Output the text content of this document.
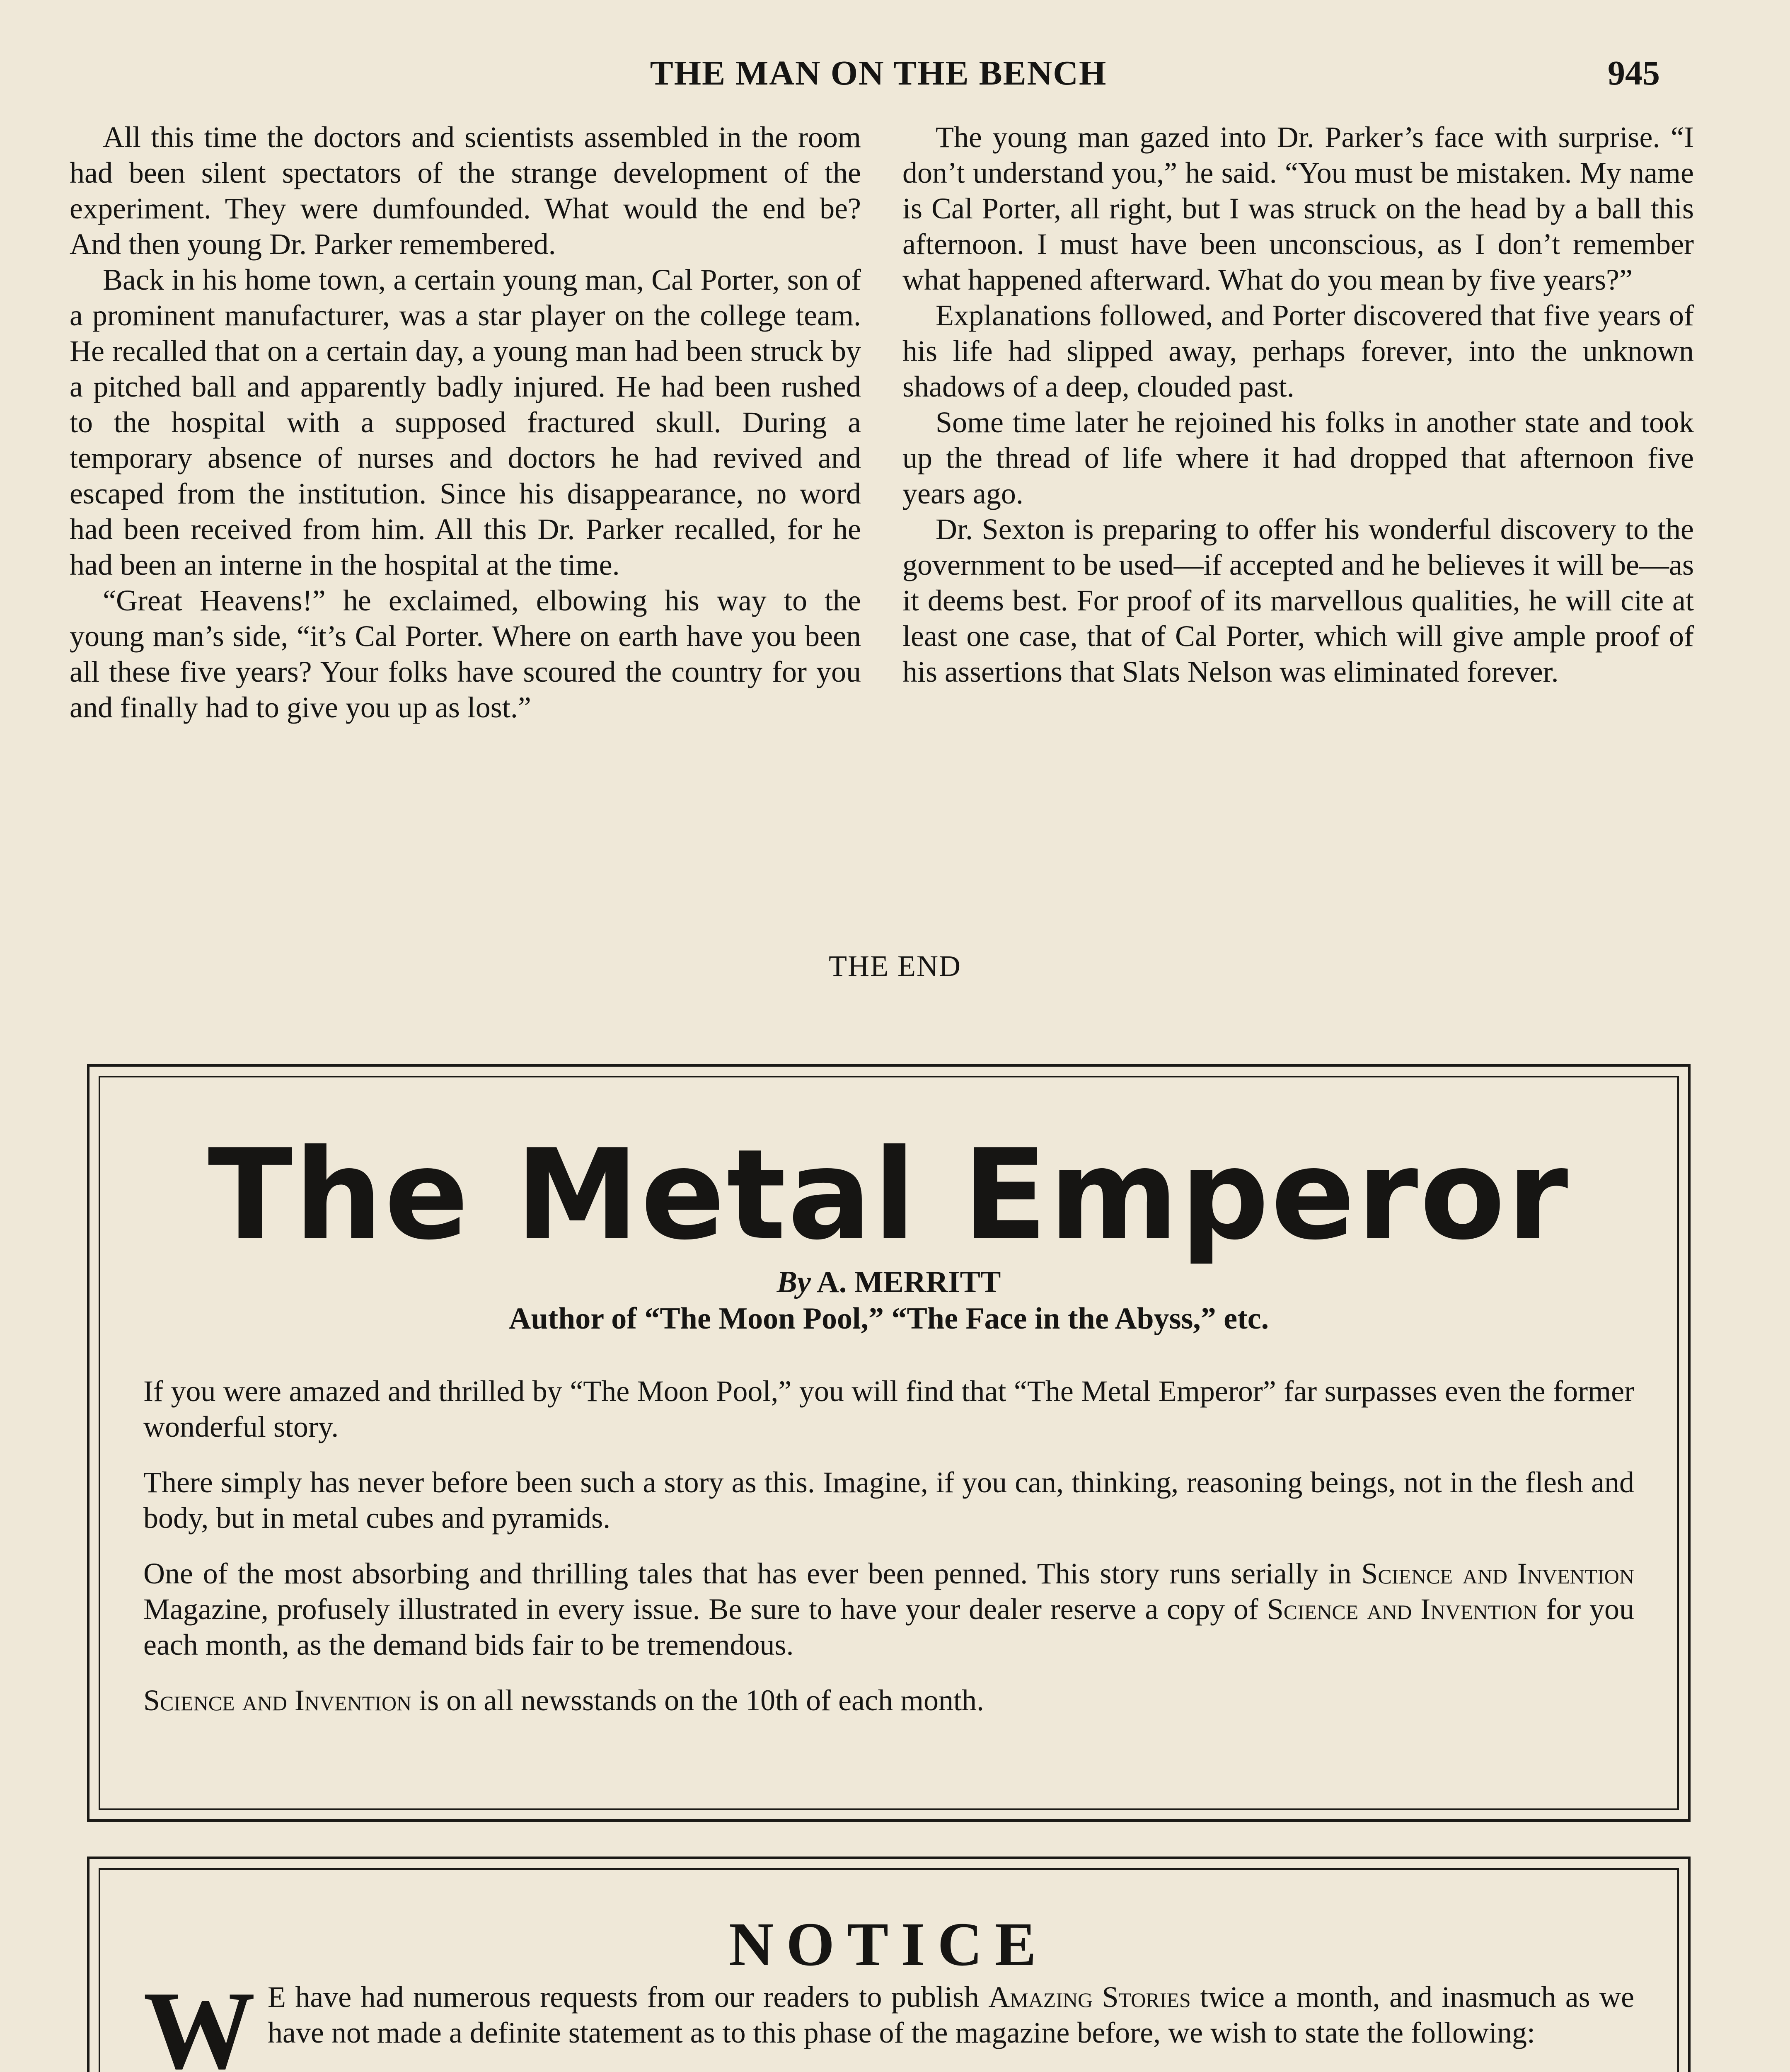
THE MAN ON THE BENCH	945

All this time the doctors and scientists assembled in the room had been silent spectators of the strange development of the experiment. They were dumfounded. What would the end be? And then young Dr. Parker remembered.

Back in his home town, a certain young man, Cal Porter, son of a prominent manufacturer, was a star player on the college team. He recalled that on a certain day, a young man had been struck by a pitched ball and apparently badly injured. He had been rushed to the hospital with a supposed fractured skull. During a temporary absence of nurses and doctors he had revived and escaped from the institution. Since his disappearance, no word had been received from him. All this Dr. Parker recalled, for he had been an interne in the hospital at the time.

“Great Heavens!” he exclaimed, elbowing his way to the young man’s side, “it’s Cal Porter. Where on earth have you been all these five years? Your folks have scoured the country for you and finally had to give you up as lost.”

The young man gazed into Dr. Parker’s face with surprise. “I don’t understand you,” he said. “You must be mistaken. My name is Cal Porter, all right, but I was struck on the head by a ball this afternoon. I must have been unconscious, as I don’t remember what happened afterward. What do you mean by five years?”

Explanations followed, and Porter discovered that five years of his life had slipped away, perhaps forever, into the unknown shadows of a deep, clouded past.

Some time later he rejoined his folks in another state and took up the thread of life where it had dropped that afternoon five years ago.

Dr. Sexton is preparing to offer his wonderful discovery to the government to be used—if accepted and he believes it will be—as it deems best. For proof of its marvellous qualities, he will cite at least one case, that of Cal Porter, which will give ample proof of his assertions that Slats Nelson was eliminated forever.

THE END
The Metal Emperor
By A. MERRITT
Author of “The Moon Pool,” “The Face in the Abyss,” etc.

If you were amazed and thrilled by “The Moon Pool,” you will find that “The Metal Emperor” far surpasses even the former wonderful story.

There simply has never before been such a story as this. Imagine, if you can, thinking, reasoning beings, not in the flesh and body, but in metal cubes and pyramids.

One of the most absorbing and thrilling tales that has ever been penned. This story runs serially in Science and Invention Magazine, profusely illustrated in every issue. Be sure to have your dealer reserve a copy of Science and Invention for you each month, as the demand bids fair to be tremendous.

Science and Invention is on all newsstands on the 10th of each month.

NOTICE

W E have had numerous requests from our readers to publish Amazing Stories twice a month, and inasmuch as we have not made a definite statement as to this phase of the magazine before, we wish to state the following:
